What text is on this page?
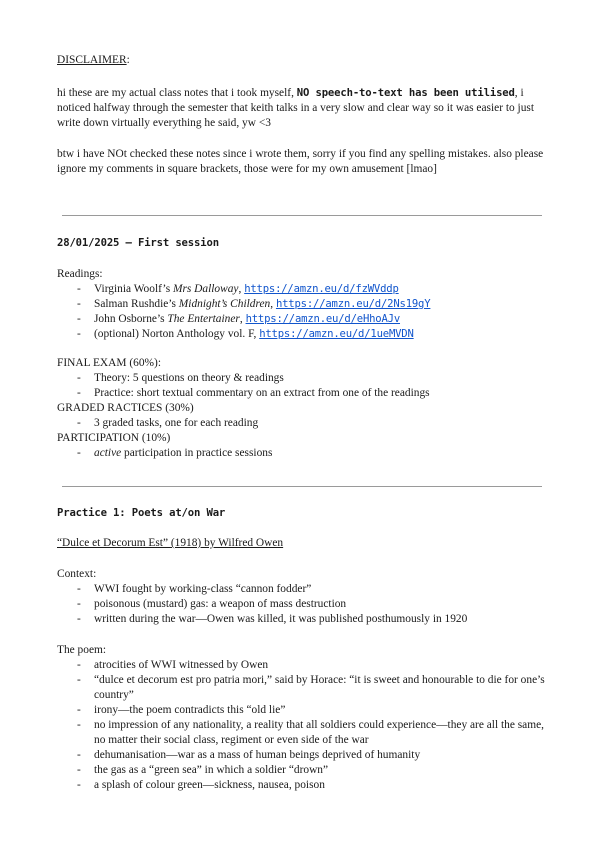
DISCLAIMER:

hi these are my actual class notes that i took myself, NO speech-to-text has been utilised, i noticed halfway through the semester that keith talks in a very slow and clear way so it was easier to just write down virtually everything he said, yw <3

btw i have NOt checked these notes since i wrote them, sorry if you find any spelling mistakes. also please ignore my comments in square brackets, those were for my own amusement [lmao]

28/01/2025 — First session
Readings:
- Virginia Woolf’s Mrs Dalloway, https://amzn.eu/d/fzWVddp
- Salman Rushdie’s Midnight’s Children, https://amzn.eu/d/2Ns19gY
- John Osborne’s The Entertainer, https://amzn.eu/d/eHhoAJv
- (optional) Norton Anthology vol. F, https://amzn.eu/d/1ueMVDN
FINAL EXAM (60%):
- Theory: 5 questions on theory & readings
- Practice: short textual commentary on an extract from one of the readings
GRADED RACTICES (30%)
- 3 graded tasks, one for each reading
PARTICIPATION (10%)
- active participation in practice sessions
Practice 1: Poets at/on War
“Dulce et Decorum Est” (1918) by Wilfred Owen
Context:
- WWI fought by working-class “cannon fodder”
- poisonous (mustard) gas: a weapon of mass destruction
- written during the war—Owen was killed, it was published posthumously in 1920
The poem:
- atrocities of WWI witnessed by Owen
- “dulce et decorum est pro patria mori,” said by Horace: “it is sweet and honourable to die for one’s country”
- irony—the poem contradicts this “old lie”
- no impression of any nationality, a reality that all soldiers could experience—they are all the same, no matter their social class, regiment or even side of the war
- dehumanisation—war as a mass of human beings deprived of humanity
- the gas as a “green sea” in which a soldier “drown”
- a splash of colour green—sickness, nausea, poison
